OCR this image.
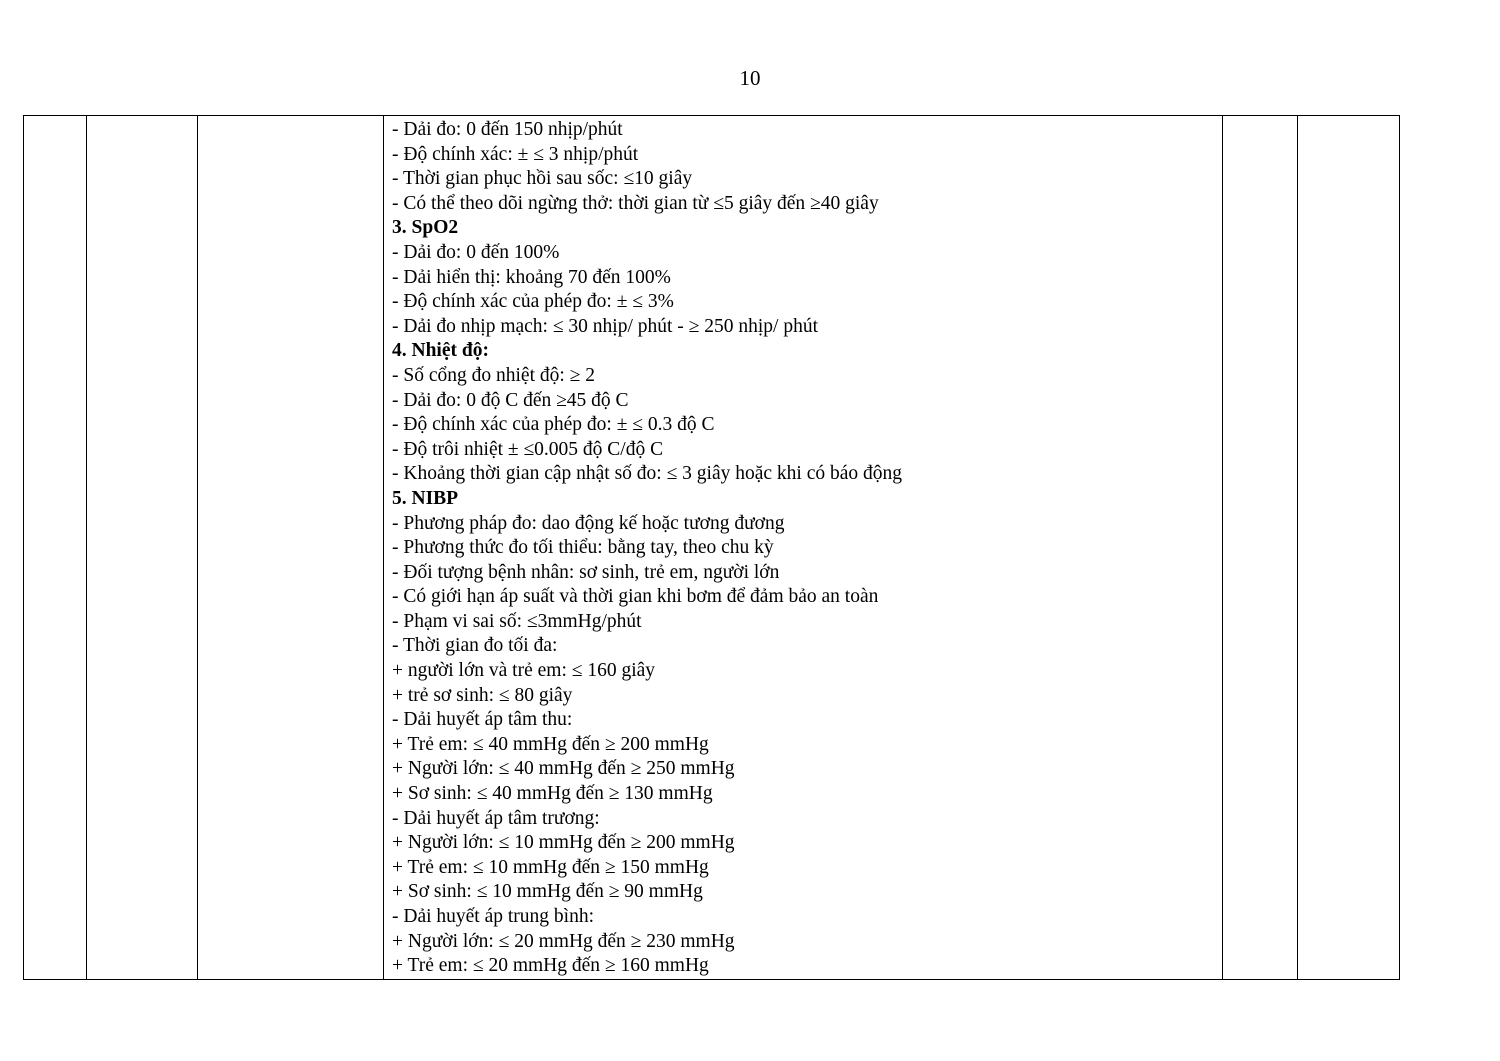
10

- Dải đo: 0 đến 150 nhịp/phút
- Độ chính xác: ± ≤ 3 nhịp/phút
- Thời gian phục hồi sau sốc: ≤10 giây
- Có thể theo dõi ngừng thở: thời gian từ ≤5 giây đến ≥40 giây
3. SpO2
- Dải đo: 0 đến 100%
- Dải hiển thị: khoảng 70 đến 100%
- Độ chính xác của phép đo: ± ≤ 3%
- Dải đo nhịp mạch: ≤ 30 nhịp/ phút - ≥ 250 nhịp/ phút
4. Nhiệt độ:
- Số cổng đo nhiệt độ: ≥ 2
- Dải đo: 0 độ C đến ≥45 độ C
- Độ chính xác của phép đo: ± ≤ 0.3 độ C
- Độ trôi nhiệt ± ≤0.005 độ C/độ C
- Khoảng thời gian cập nhật số đo: ≤ 3 giây hoặc khi có báo động
5. NIBP
- Phương pháp đo: dao động kế hoặc tương đương
- Phương thức đo tối thiểu: bằng tay, theo chu kỳ
- Đối tượng bệnh nhân: sơ sinh, trẻ em, người lớn
- Có giới hạn áp suất và thời gian khi bơm để đảm bảo an toàn
- Phạm vi sai số: ≤3mmHg/phút
- Thời gian đo tối đa:
+ người lớn và trẻ em: ≤ 160 giây
+ trẻ sơ sinh: ≤ 80 giây
- Dải huyết áp tâm thu:
+ Trẻ em: ≤ 40 mmHg đến ≥ 200 mmHg
+ Người lớn: ≤ 40 mmHg đến ≥ 250 mmHg
+ Sơ sinh: ≤ 40 mmHg đến ≥ 130 mmHg
- Dải huyết áp tâm trương:
+ Người lớn: ≤ 10 mmHg đến ≥ 200 mmHg
+ Trẻ em: ≤ 10 mmHg đến ≥ 150 mmHg
+ Sơ sinh: ≤ 10 mmHg đến ≥ 90 mmHg
- Dải huyết áp trung bình:
+ Người lớn: ≤ 20 mmHg đến ≥ 230 mmHg
+ Trẻ em: ≤ 20 mmHg đến ≥ 160 mmHg
